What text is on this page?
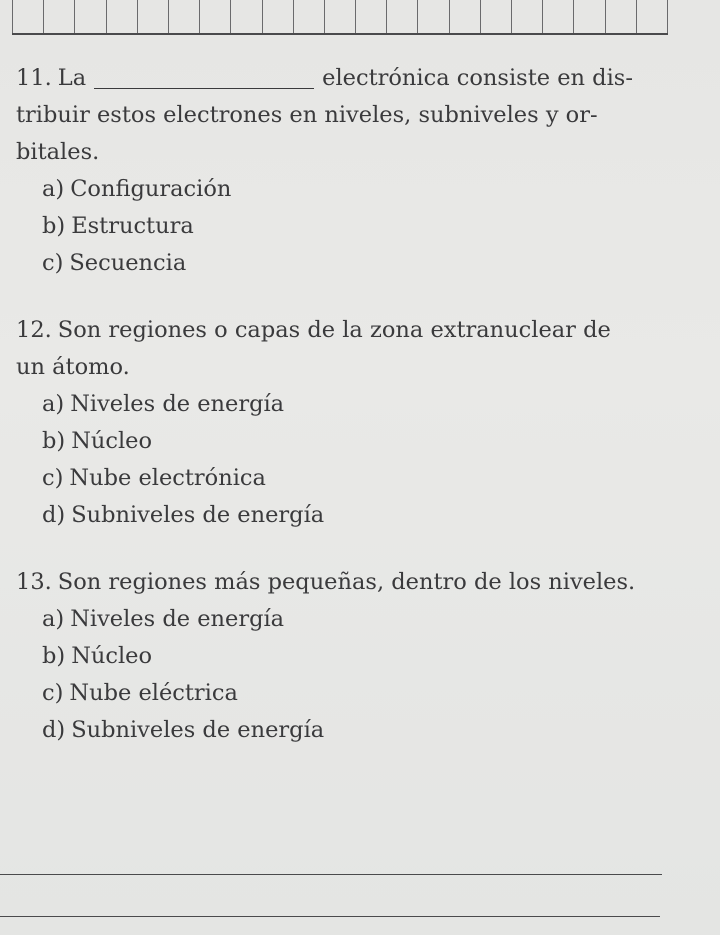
11. La	electrónica consiste en dis-
tribuir estos electrones en niveles, subniveles y or-
bitales.

a) Configuración
b) Estructura
c) Secuencia

12. Son regiones o capas de la zona extranuclear de
un átomo.

a) Niveles de energía
b) Núcleo
c) Nube electrónica
d) Subniveles de energía

13. Son regiones más pequeñas, dentro de los niveles.

a) Niveles de energía
b) Núcleo
c) Nube eléctrica
d) Subniveles de energía
